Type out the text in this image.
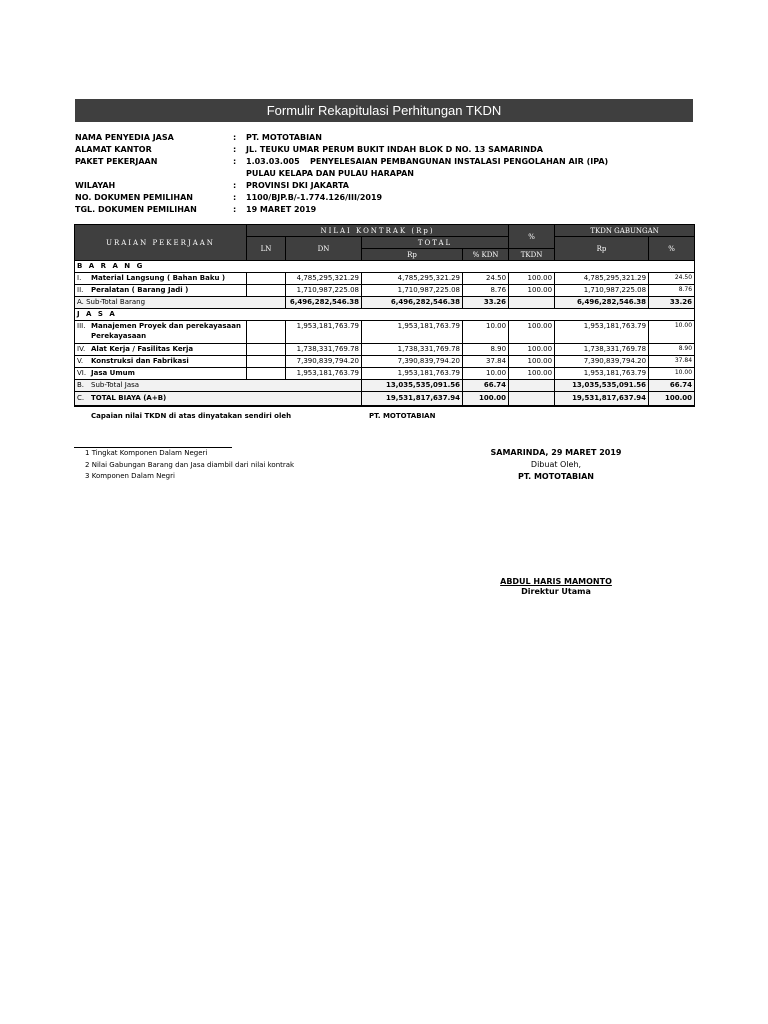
Formulir Rekapitulasi Perhitungan TKDN
NAMA PENYEDIA JASA	: PT. MOTOTABIAN
ALAMAT KANTOR	: JL. TEUKU UMAR PERUM BUKIT INDAH BLOK D NO. 13 SAMARINDA
PAKET PEKERJAAN	: 1.03.03.005 PENYELESAIAN PEMBANGUNAN INSTALASI PENGOLAHAN AIR (IPA)
PULAU KELAPA DAN PULAU HARAPAN
WILAYAH	: PROVINSI DKI JAKARTA
NO. DOKUMEN PEMILIHAN	: 1100/BJP.B/-1.774.126/III/2019
TGL. DOKUMEN PEMILIHAN	: 19 MARET 2019
URAIAN PEKERJAAN	NILAI KONTRAK (Rp)				%	TKDN GABUNGAN	
	LN	DN	TOTAL			Rp	%
			Rp	% KDN	TKDN		
B A R A N G							
I. Material Langsung ( Bahan Baku )		4,785,295,321.29	4,785,295,321.29	24.50	100.00	4,785,295,321.29	24.50
II. Peralatan ( Barang Jadi )		1,710,987,225.08	1,710,987,225.08	8.76	100.00	1,710,987,225.08	8.76
A. Sub-Total Barang		6,496,282,546.38	6,496,282,546.38	33.26		6,496,282,546.38	33.26
J A S A							
III. Manajemen Proyek dan perekayasaan
Perekayasaan		1,953,181,763.79	1,953,181,763.79	10.00	100.00	1,953,181,763.79	10.00
IV. Alat Kerja / Fasilitas Kerja		1,738,331,769.78	1,738,331,769.78	8.90	100.00	1,738,331,769.78	8.90
V. Konstruksi dan Fabrikasi		7,390,839,794.20	7,390,839,794.20	37.84	100.00	7,390,839,794.20	37.84
VI. Jasa Umum		1,953,181,763.79	1,953,181,763.79	10.00	100.00	1,953,181,763.79	10.00
B. Sub-Total Jasa			13,035,535,091.56	66.74		13,035,535,091.56	66.74
C. TOTAL BIAYA (A+B)			19,531,817,637.94	100.00		19,531,817,637.94	100.00
Capaian nilai TKDN di atas dinyatakan sendiri oleh	PT. MOTOTABIAN
1 Tingkat Komponen Dalam Negeri
2 Nilai Gabungan Barang dan Jasa diambil dari nilai kontrak
3 Komponen Dalam Negri
SAMARINDA, 29 MARET 2019
Dibuat Oleh,
PT. MOTOTABIAN
ABDUL HARIS MAMONTO
Direktur Utama
